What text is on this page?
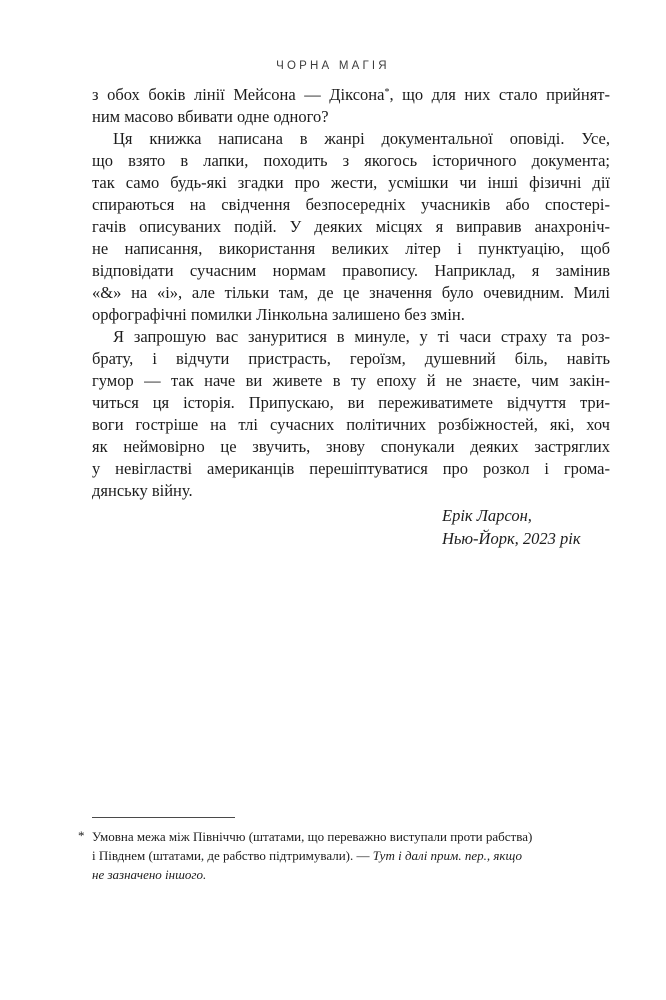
ЧОРНА МАГІЯ
з обох боків лінії Мейсона — Діксона*, що для них стало прийнят-
ним масово вбивати одне одного?
Ця книжка написана в жанрі документальної оповіді. Усе,
що взято в лапки, походить з якогось історичного документа;
так само будь-які згадки про жести, усмішки чи інші фізичні дії
спираються на свідчення безпосередніх учасників або спостері-
гачів описуваних подій. У деяких місцях я виправив анахроніч-
не написання, використання великих літер і пунктуацію, щоб
відповідати сучасним нормам правопису. Наприклад, я замінив
«&» на «і», але тільки там, де це значення було очевидним. Милі
орфографічні помилки Лінкольна залишено без змін.
Я запрошую вас зануритися в минуле, у ті часи страху та роз-
брату, і відчути пристрасть, героїзм, душевний біль, навіть
гумор — так наче ви живете в ту епоху й не знаєте, чим закін-
читься ця історія. Припускаю, ви переживатимете відчуття три-
воги гостріше на тлі сучасних політичних розбіжностей, які, хоч
як неймовірно це звучить, знову спонукали деяких застряглих
у невігластві американців перешіптуватися про розкол і грома-
дянську війну.
Ерік Ларсон,
Нью-Йорк, 2023 рік
* Умовна межа між Північчю (штатами, що переважно виступали проти рабства)
і Півднем (штатами, де рабство підтримували). — Тут і далі прим. пер., якщо
не зазначено іншого.
